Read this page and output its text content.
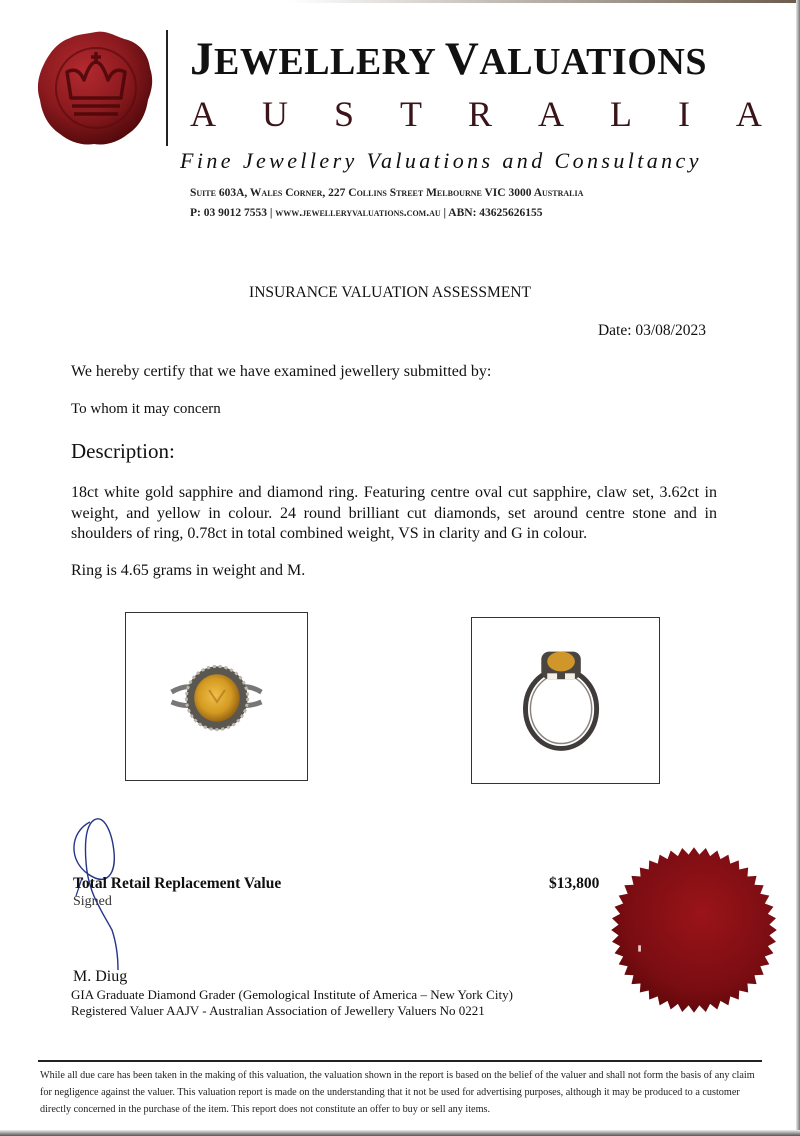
JEWELLERY VALUATIONS
A U S T R A L I A
Fine Jewellery Valuations and Consultancy
Suite 603A, Wales Corner, 227 Collins Street Melbourne VIC 3000 Australia
P: 03 9012 7553 | www.jewelleryvaluations.com.au | ABN: 43625626155
INSURANCE VALUATION ASSESSMENT
Date: 03/08/2023
We hereby certify that we have examined jewellery submitted by:
To whom it may concern
Description:
18ct white gold sapphire and diamond ring. Featuring centre oval cut sapphire, claw set, 3.62ct in weight, and yellow in colour. 24 round brilliant cut diamonds, set around centre stone and in shoulders of ring, 0.78ct in total combined weight, VS in clarity and G in colour.
Ring is 4.65 grams in weight and M.
Total Retail Replacement Value	$13,800
Signed
M. Diug
GIA Graduate Diamond Grader (Gemological Institute of America – New York City)
Registered Valuer AAJV - Australian Association of Jewellery Valuers No 0221
While all due care has been taken in the making of this valuation, the valuation shown in the report is based on the belief of the valuer and shall not form the basis of any claim for negligence against the valuer. This valuation report is made on the understanding that it not be used for advertising purposes, although it may be produced to a customer directly concerned in the purchase of the item. This report does not constitute an offer to buy or sell any items.
